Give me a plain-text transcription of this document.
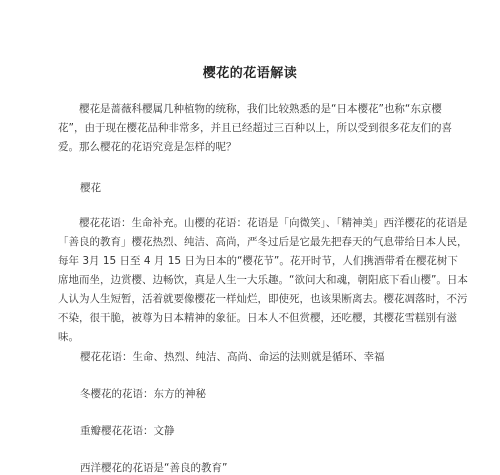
樱花的花语解读
樱花是蔷薇科樱属几种植物的统称，我们比较熟悉的是“日本樱花”也称“东京樱花”，由于现在樱花品种非常多，并且已经超过三百种以上，所以受到很多花友们的喜爱。那么樱花的花语究竟是怎样的呢？
樱花
樱花花语：生命补充。山樱的花语：花语是「向微笑」、「精神美」西洋樱花的花语是「善良的教育」樱花热烈、纯洁、高尚，严冬过后是它最先把春天的气息带给日本人民，每年 3月 15 日至 4 月 15 日为日本的“樱花节”。花开时节，人们携酒带肴在樱花树下席地而坐，边赏樱、边畅饮，真是人生一大乐趣。“欲问大和魂，朝阳底下看山樱”。日本人认为人生短暂，活着就要像樱花一样灿烂，即使死，也该果断离去。樱花凋落时，不污不染，很干脆，被尊为日本精神的象征。日本人不但赏樱，还吃樱，其樱花雪糕别有滋味。
樱花花语：生命、热烈、纯洁、高尚、命运的法则就是循环、幸福
冬樱花的花语：东方的神秘
重瓣樱花花语：文静
西洋樱花的花语是“善良的教育”
